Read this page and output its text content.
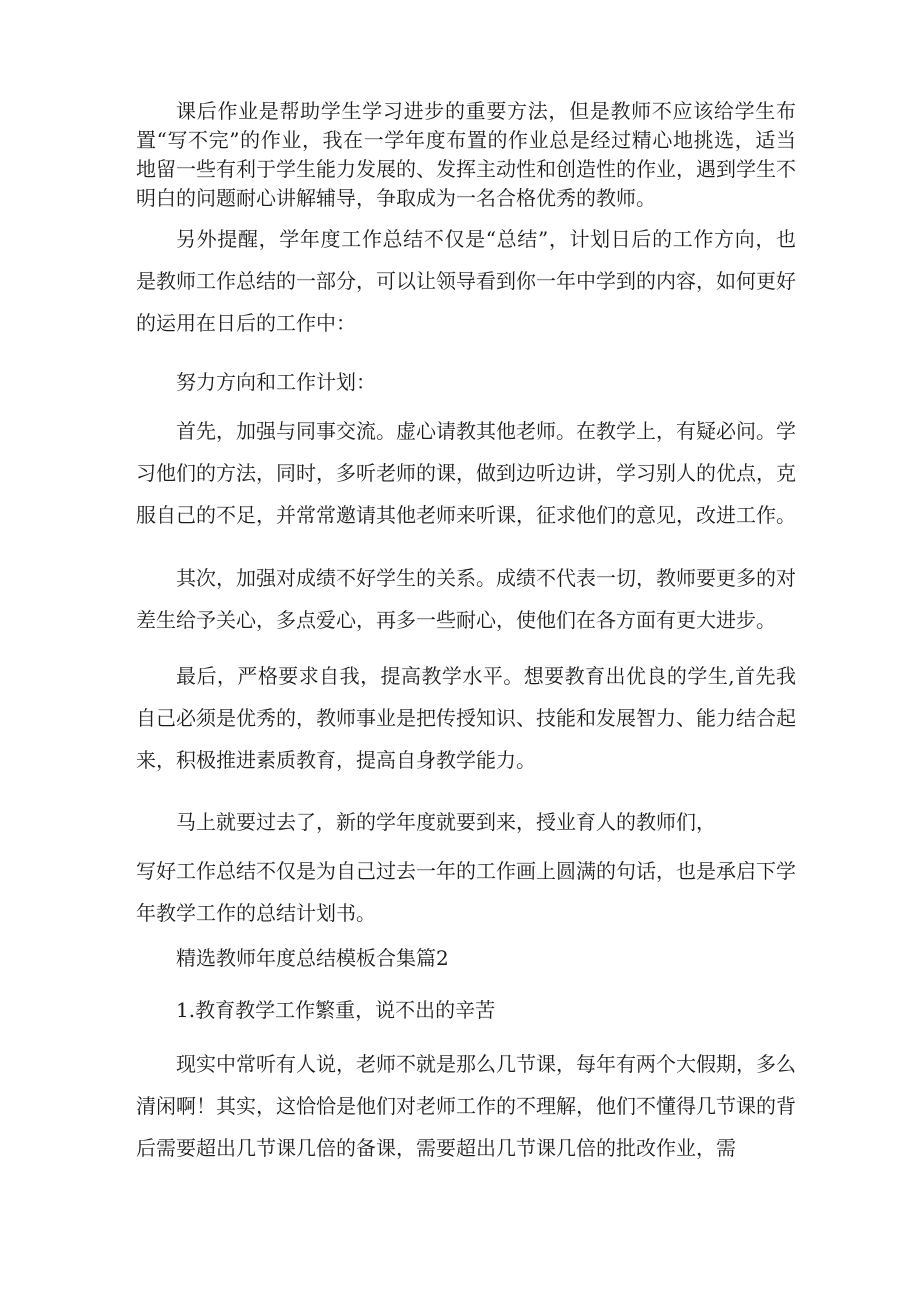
课后作业是帮助学生学习进步的重要方法，但是教师不应该给学生布置“写不完”的作业，我在一学年度布置的作业总是经过精心地挑选，适当地留一些有利于学生能力发展的、发挥主动性和创造性的作业，遇到学生不明白的问题耐心讲解辅导，争取成为一名合格优秀的教师。

另外提醒，学年度工作总结不仅是“总结”，计划日后的工作方向，也是教师工作总结的一部分，可以让领导看到你一年中学到的内容，如何更好的运用在日后的工作中：

努力方向和工作计划：

首先，加强与同事交流。虚心请教其他老师。在教学上，有疑必问。学习他们的方法，同时，多听老师的课，做到边听边讲，学习别人的优点，克服自己的不足，并常常邀请其他老师来听课，征求他们的意见，改进工作。

其次，加强对成绩不好学生的关系。成绩不代表一切，教师要更多的对差生给予关心，多点爱心，再多一些耐心，使他们在各方面有更大进步。

最后，严格要求自我，提高教学水平。想要教育出优良的学生,首先我自己必须是优秀的，教师事业是把传授知识、技能和发展智力、能力结合起来，积极推进素质教育，提高自身教学能力。

马上就要过去了，新的学年度就要到来，授业育人的教师们，

写好工作总结不仅是为自己过去一年的工作画上圆满的句话，也是承启下学年教学工作的总结计划书。

精选教师年度总结模板合集篇2
1.教育教学工作繁重，说不出的辛苦

现实中常听有人说，老师不就是那么几节课，每年有两个大假期，多么清闲啊！其实，这恰恰是他们对老师工作的不理解，他们不懂得几节课的背后需要超出几节课几倍的备课，需要超出几节课几倍的批改作业，需
